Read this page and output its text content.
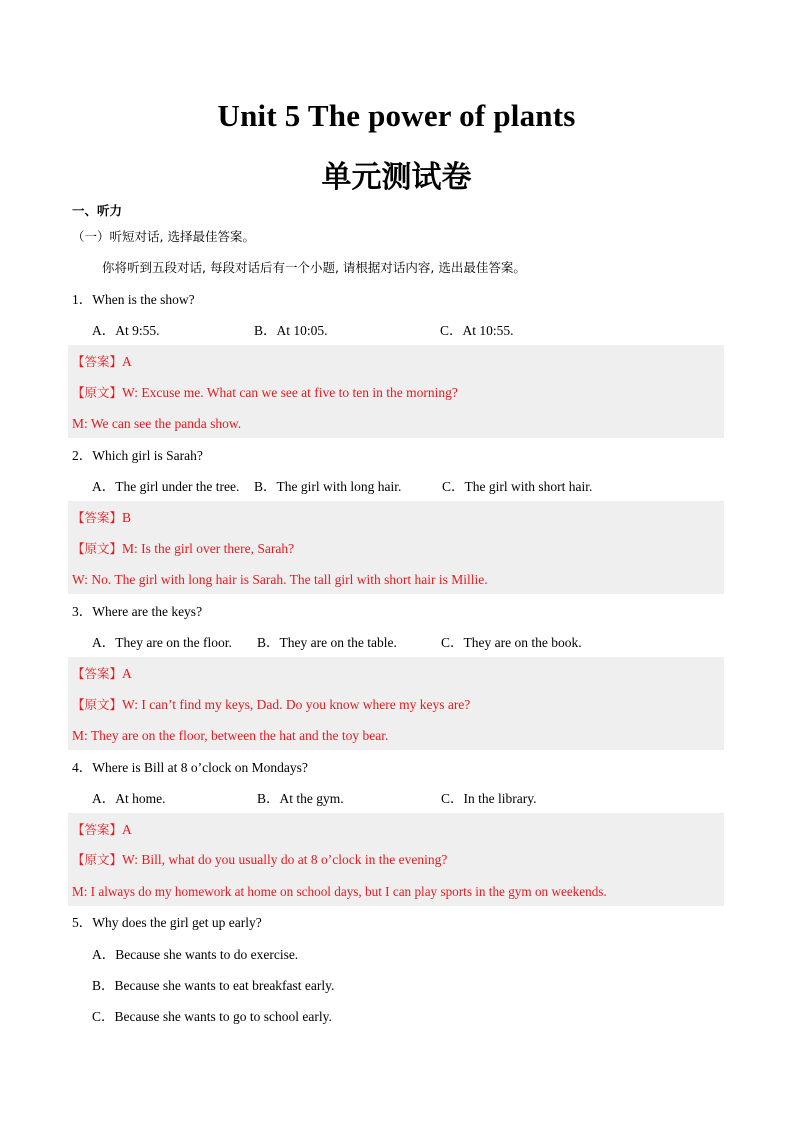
Unit 5 The power of plants
单元测试卷
一、听力
（一）听短对话, 选择最佳答案。
你将听到五段对话, 每段对话后有一个小题, 请根据对话内容, 选出最佳答案。
1．When is the show?
A．At 9:55.	B．At 10:05.	C．At 10:55.
【答案】A
【原文】W: Excuse me. What can we see at five to ten in the morning?
M: We can see the panda show.
2．Which girl is Sarah?
A．The girl under the tree. B．The girl with long hair.	C．The girl with short hair.
【答案】B
【原文】M: Is the girl over there, Sarah?
W: No. The girl with long hair is Sarah. The tall girl with short hair is Millie.
3．Where are the keys?
A．They are on the floor. B．They are on the table.	C．They are on the book.
【答案】A
【原文】W: I can’t find my keys, Dad. Do you know where my keys are?
M: They are on the floor, between the hat and the toy bear.
4．Where is Bill at 8 o’clock on Mondays?
A．At home.	B．At the gym.	C．In the library.
【答案】A
【原文】W: Bill, what do you usually do at 8 o’clock in the evening?
M: I always do my homework at home on school days, but I can play sports in the gym on weekends.
5．Why does the girl get up early?
A．Because she wants to do exercise.
B．Because she wants to eat breakfast early.
C．Because she wants to go to school early.
